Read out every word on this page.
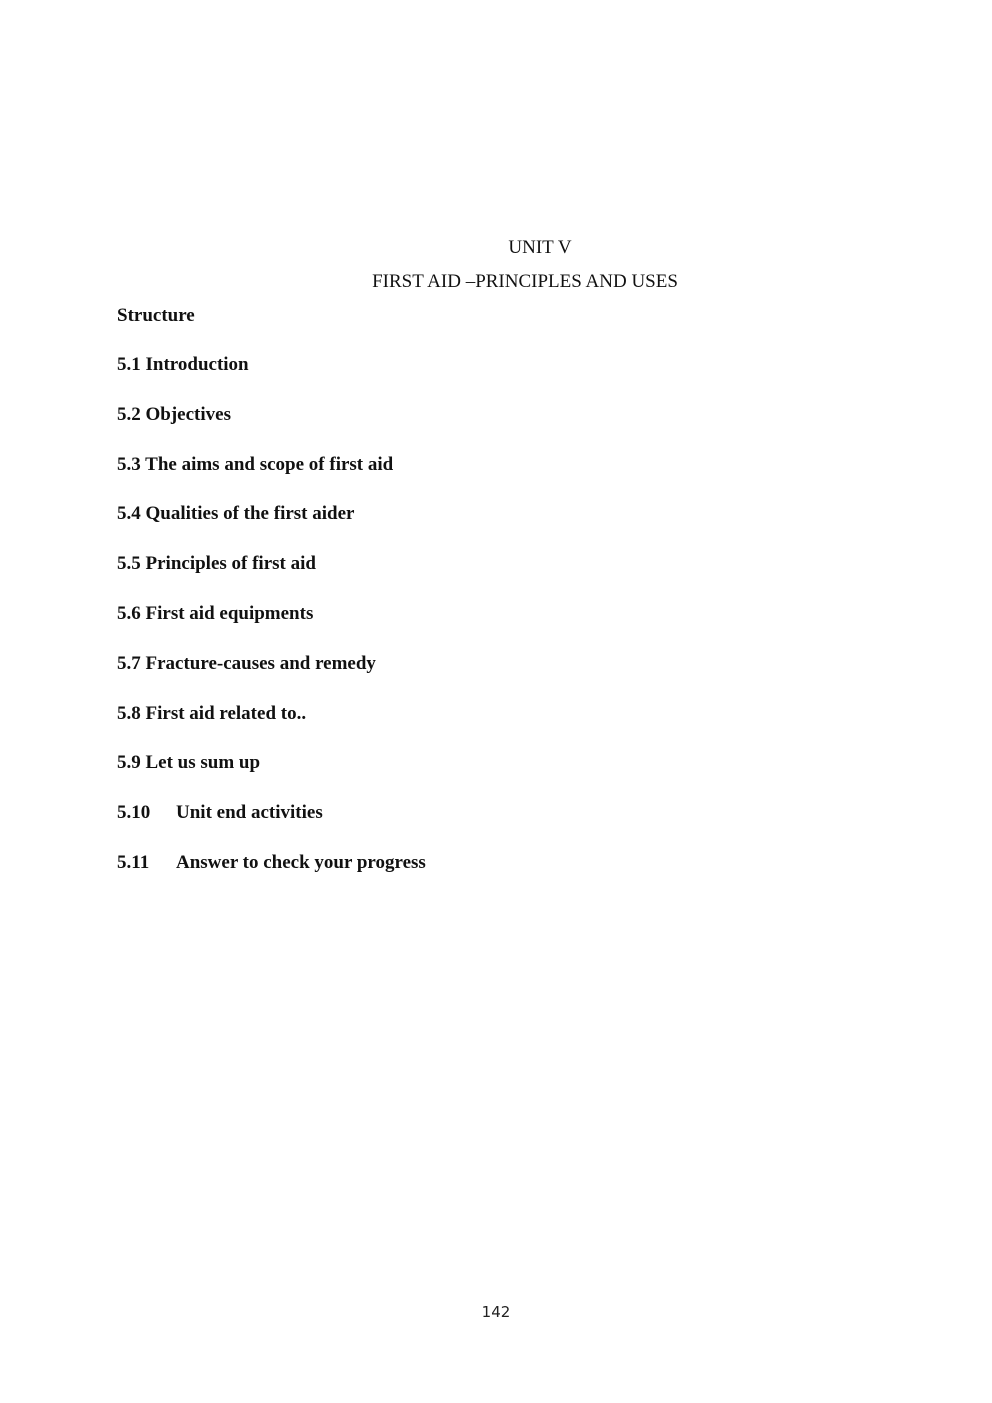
UNIT V
FIRST AID –PRINCIPLES AND USES
Structure
5.1 Introduction
5.2 Objectives
5.3 The aims and scope of first aid
5.4 Qualities of the first aider
5.5 Principles of first aid
5.6 First aid equipments
5.7 Fracture-causes and remedy
5.8 First aid related to..
5.9 Let us sum up
5.10 Unit end activities
5.11 Answer to check your progress
142
